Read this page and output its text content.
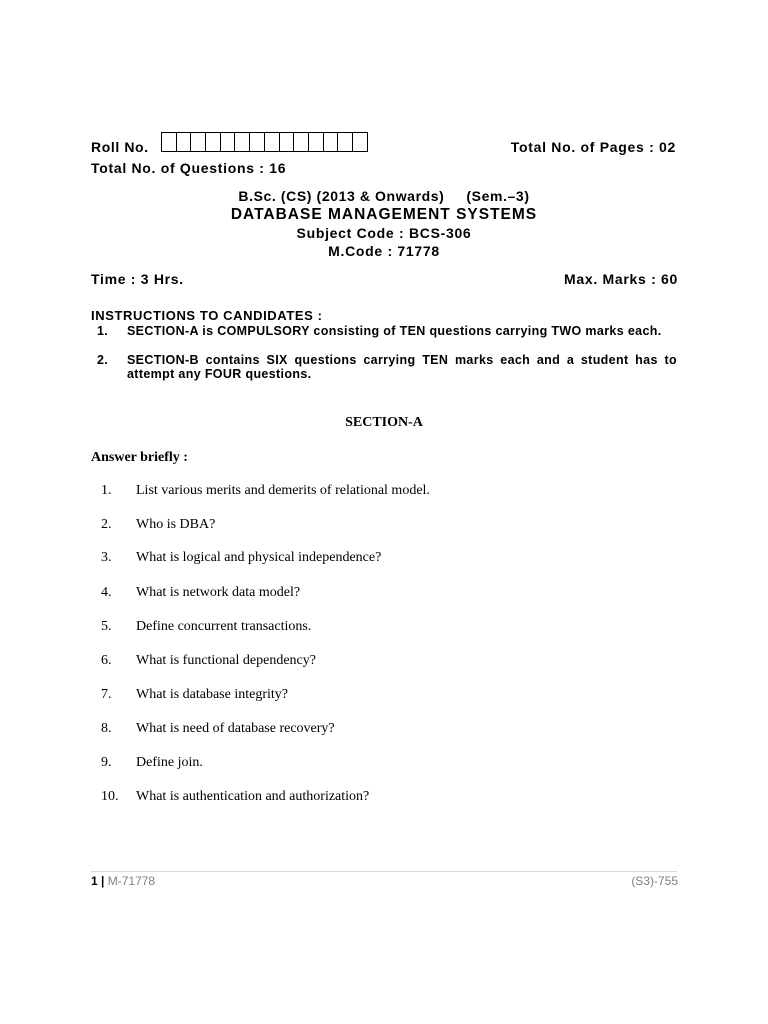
Roll No.	Total No. of Pages : 02
Total No. of Questions : 16
B.Sc. (CS) (2013 & Onwards) (Sem.–3)
DATABASE MANAGEMENT SYSTEMS
Subject Code : BCS-306
M.Code : 71778
Time : 3 Hrs.	Max. Marks : 60
INSTRUCTIONS TO CANDIDATES :
1. SECTION-A is COMPULSORY consisting of TEN questions carrying TWO marks each.
2. SECTION-B contains SIX questions carrying TEN marks each and a student has to attempt any FOUR questions.
SECTION-A
Answer briefly :
1. List various merits and demerits of relational model.
2. Who is DBA?
3. What is logical and physical independence?
4. What is network data model?
5. Define concurrent transactions.
6. What is functional dependency?
7. What is database integrity?
8. What is need of database recovery?
9. Define join.
10. What is authentication and authorization?
1 | M-71778	(S3)-755
